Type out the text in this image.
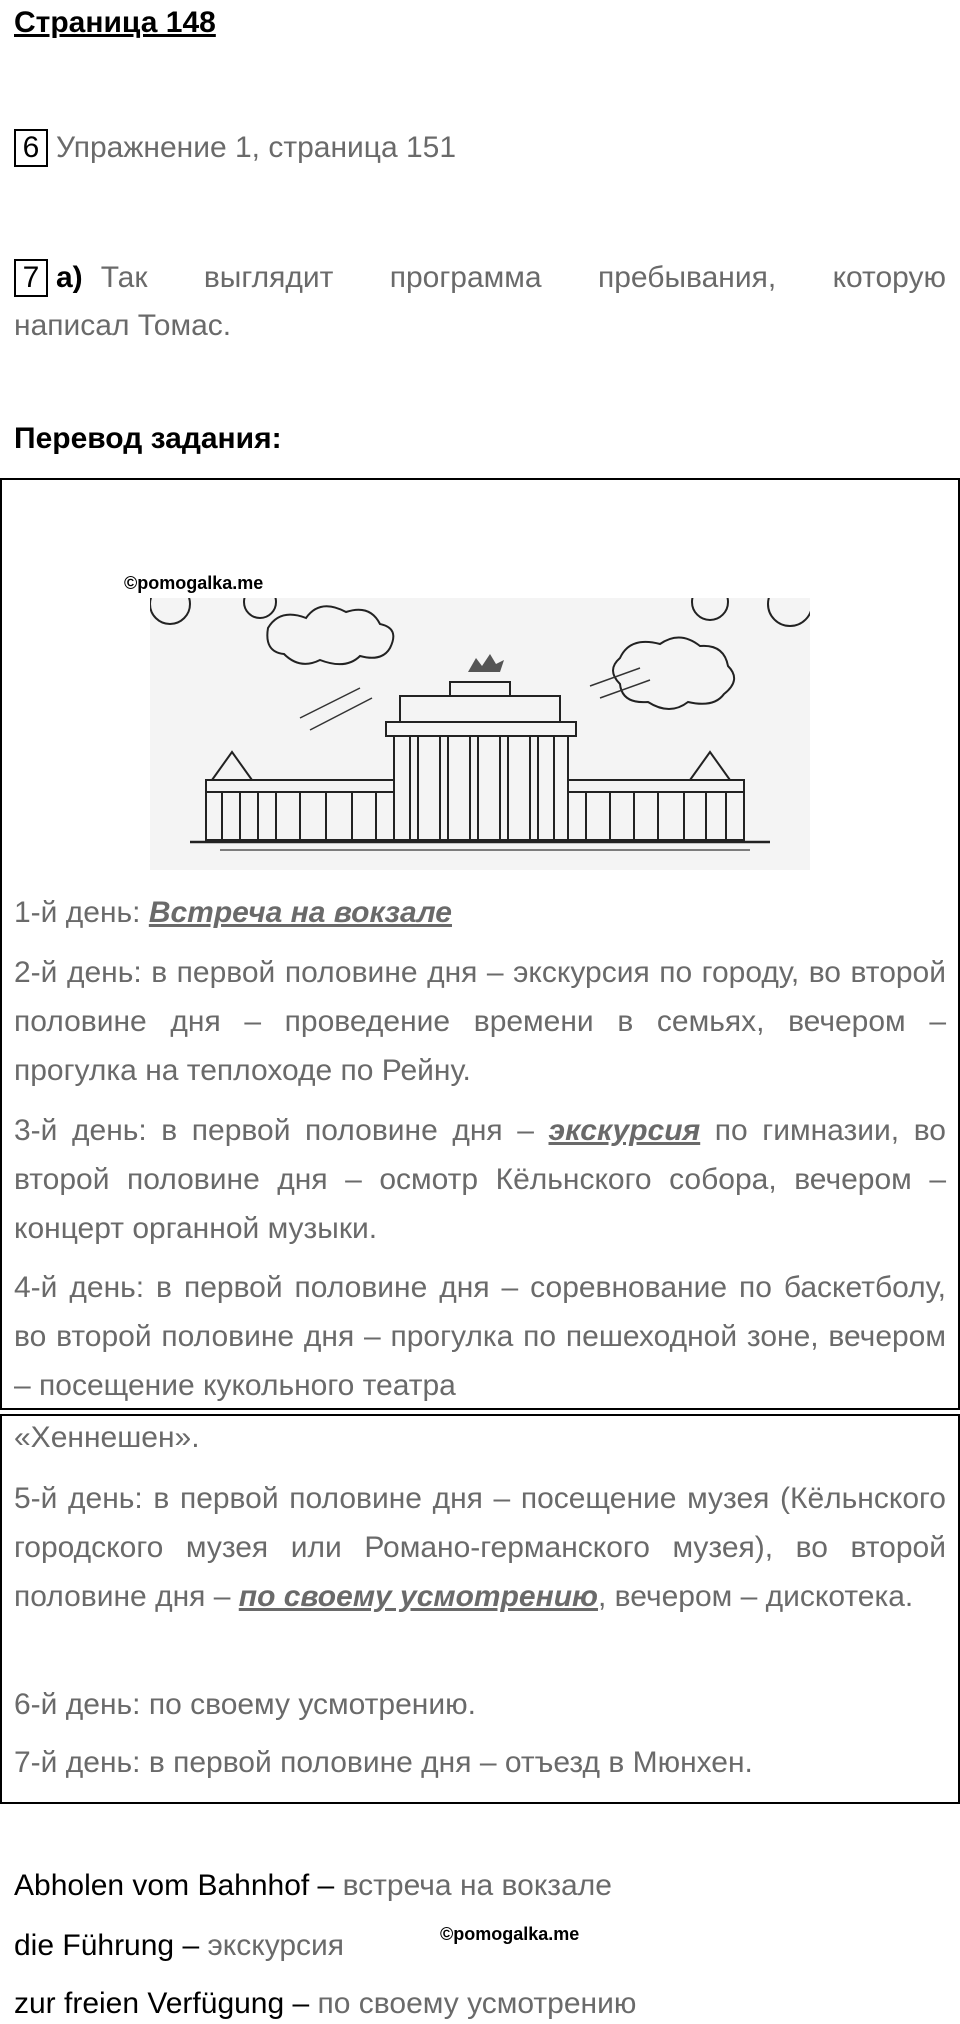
Страница 148
6 Упражнение 1, страница 151
7 а) Так выглядит программа пребывания, которую
написал Томас.
Перевод задания:
©pomogalka.me
1-й день: Встреча на вокзале
2-й день: в первой половине дня – экскурсия по городу, во второй половине дня – проведение времени в семьях, вечером – прогулка на теплоходе по Рейну.
3-й день: в первой половине дня – экскурсия по гимназии, во второй половине дня – осмотр Кёльнского собора, вечером – концерт органной музыки.
4-й день: в первой половине дня – соревнование по баскетболу, во второй половине дня – прогулка по пешеходной зоне, вечером – посещение кукольного театра
«Хеннешен».
5-й день: в первой половине дня – посещение музея (Кёльнского городского музея или Романо-германского музея), во второй половине дня – по своему усмотрению, вечером – дискотека.
6-й день: по своему усмотрению.
7-й день: в первой половине дня – отъезд в Мюнхен.
Abholen vom Bahnhof – встреча на вокзале
die Führung – экскурсия	©pomogalka.me
zur freien Verfügung – по своему усмотрению
